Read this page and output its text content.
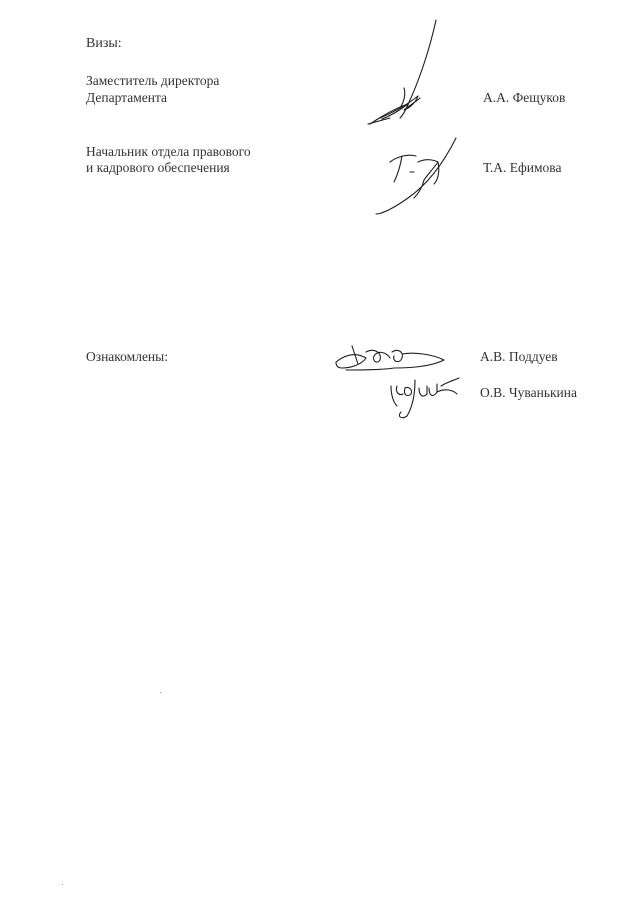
Визы:
Заместитель директора
Департамента	А.А. Фещуков
Начальник отдела правового
и кадрового обеспечения	Т.А. Ефимова
Ознакомлены:	А.В. Поддуев
О.В. Чуванькина
